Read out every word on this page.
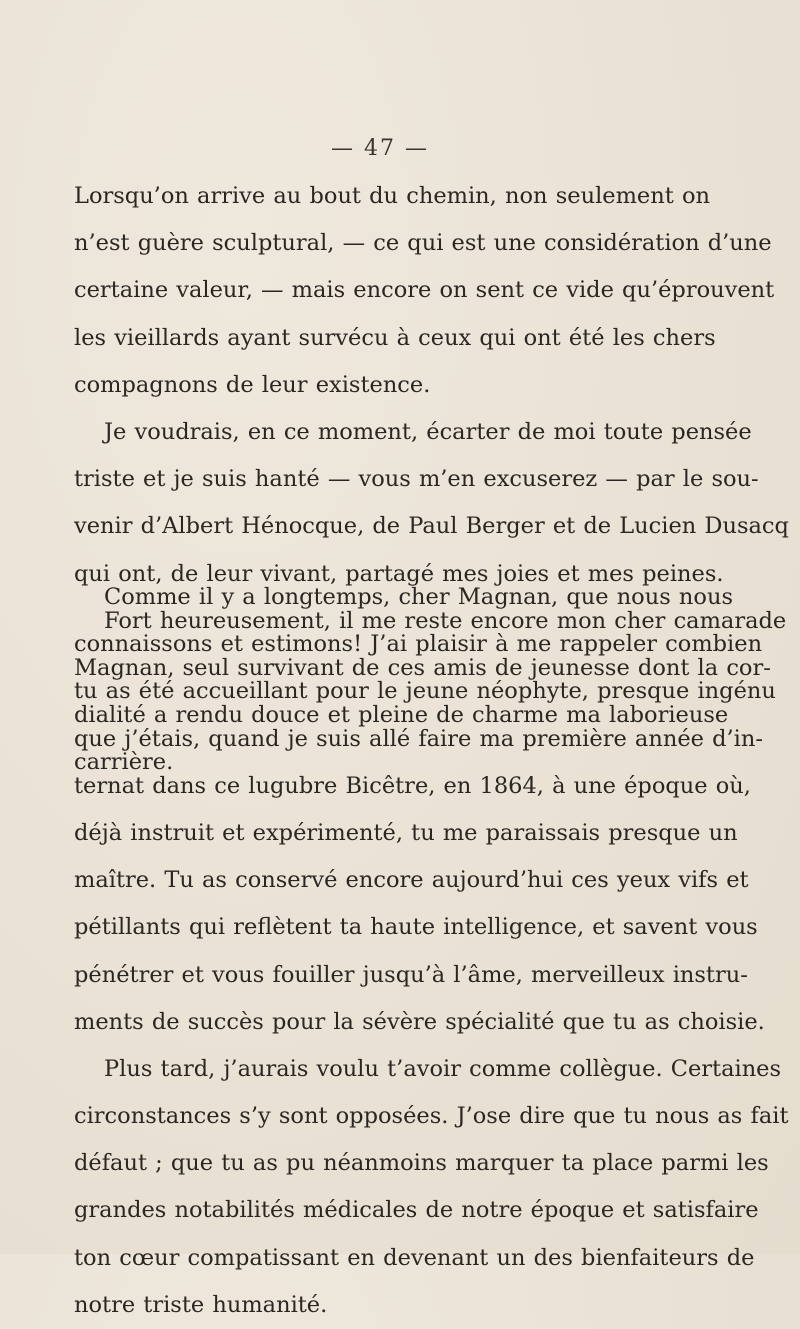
— 47 —
Lorsqu’on arrive au bout du chemin, non seulement on
n’est guère sculptural, — ce qui est une considération d’une
certaine valeur, — mais encore on sent ce vide qu’éprouvent
les vieillards ayant survécu à ceux qui ont été les chers
compagnons de leur existence.
Je voudrais, en ce moment, écarter de moi toute pensée
triste et je suis hanté — vous m’en excuserez — par le sou-
venir d’Albert Hénocque, de Paul Berger et de Lucien Dusacq
qui ont, de leur vivant, partagé mes joies et mes peines.
Fort heureusement, il me reste encore mon cher camarade
Magnan, seul survivant de ces amis de jeunesse dont la cor-
dialité a rendu douce et pleine de charme ma laborieuse
carrière.
Comme il y a longtemps, cher Magnan, que nous nous
connaissons et estimons! J’ai plaisir à me rappeler combien
tu as été accueillant pour le jeune néophyte, presque ingénu
que j’étais, quand je suis allé faire ma première année d’in-
ternat dans ce lugubre Bicêtre, en 1864, à une époque où,
déjà instruit et expérimenté, tu me paraissais presque un
maître. Tu as conservé encore aujourd’hui ces yeux vifs et
pétillants qui reflètent ta haute intelligence, et savent vous
pénétrer et vous fouiller jusqu’à l’âme, merveilleux instru-
ments de succès pour la sévère spécialité que tu as choisie.
Plus tard, j’aurais voulu t’avoir comme collègue. Certaines
circonstances s’y sont opposées. J’ose dire que tu nous as fait
défaut ; que tu as pu néanmoins marquer ta place parmi les
grandes notabilités médicales de notre époque et satisfaire
ton cœur compatissant en devenant un des bienfaiteurs de
notre triste humanité.
